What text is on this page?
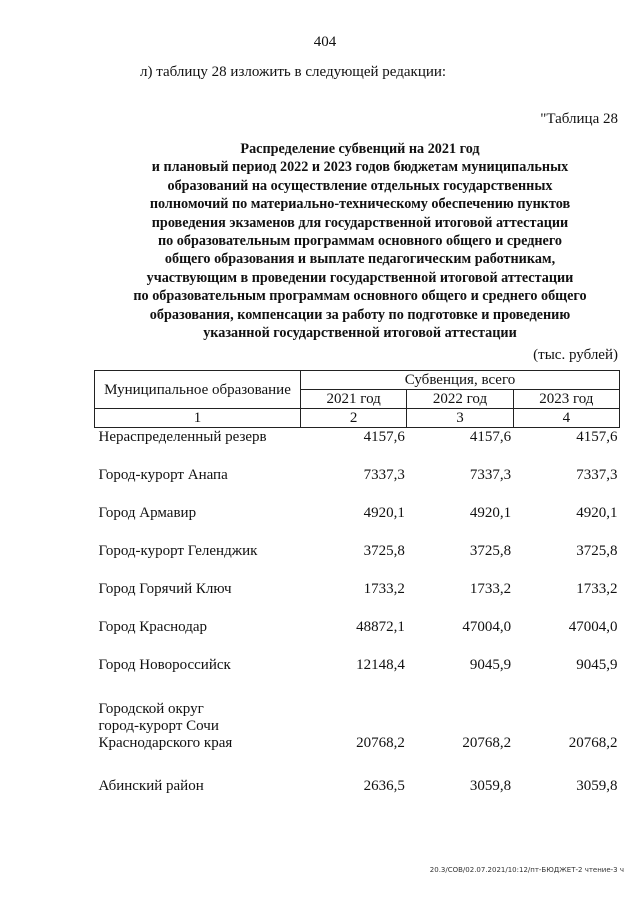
404
л) таблицу 28 изложить в следующей редакции:
"Таблица 28
Распределение субвенций на 2021 год
и плановый период 2022 и 2023 годов бюджетам муниципальных
образований на осуществление отдельных государственных
полномочий по материально-техническому обеспечению пунктов
проведения экзаменов для государственной итоговой аттестации
по образовательным программам основного общего и среднего
общего образования и выплате педагогическим работникам,
участвующим в проведении государственной итоговой аттестации
по образовательным программам основного общего и среднего общего
образования, компенсации за работу по подготовке и проведению
указанной государственной итоговой аттестации
(тыс. рублей)
Муниципальное образование	Субвенция, всего		
	2021 год	2022 год	2023 год
1	2	3	4
Нераспределенный резерв	4157,6	4157,6	4157,6
Город-курорт Анапа	7337,3	7337,3	7337,3
Город Армавир	4920,1	4920,1	4920,1
Город-курорт Геленджик	3725,8	3725,8	3725,8
Город Горячий Ключ	1733,2	1733,2	1733,2
Город Краснодар	48872,1	47004,0	47004,0
Город Новороссийск	12148,4	9045,9	9045,9

Городской округ
город-курорт Сочи
Краснодарского края	20768,2	20768,2	20768,2
Абинский район	2636,5	3059,8	3059,8
20.3/СОВ/02.07.2021/10:12/пт-БЮДЖЕТ-2 чтение-3 ч
